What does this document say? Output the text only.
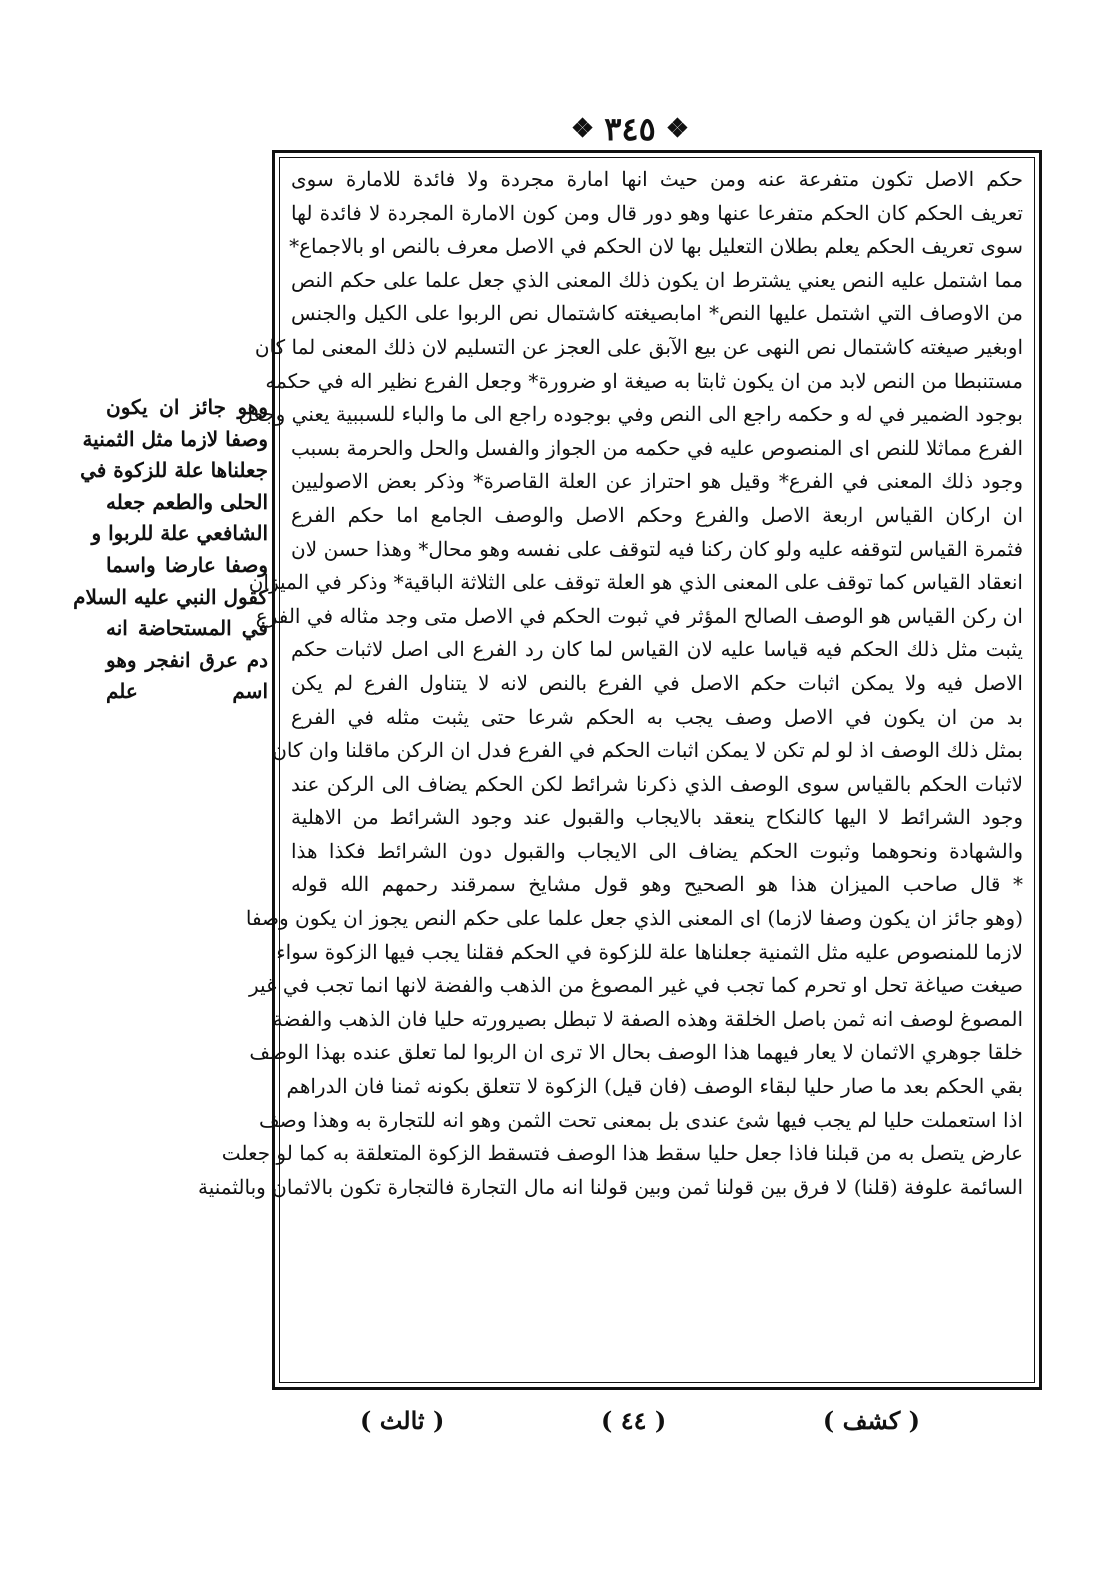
❖
٣٤٥
❖
وهو جائز ان يكون
وصفا لازما مثل الثمنية
جعلناها علة للزكوة في
الحلى والطعم جعله
الشافعي علة للربوا و
وصفا عارضا واسما
كقول النبي عليه السلام
في المستحاضة انه
دم عرق انفجر وهو
اسم علم
حكم الاصل تكون متفرعة عنه ومن حيث انها امارة مجردة ولا فائدة للامارة سوى
تعريف الحكم كان الحكم متفرعا عنها وهو دور قال ومن كون الامارة المجردة لا فائدة لها
سوى تعريف الحكم يعلم بطلان التعليل بها لان الحكم في الاصل معرف بالنص او بالاجماع*
مما اشتمل عليه النص يعني يشترط ان يكون ذلك المعنى الذي جعل علما على حكم النص
من الاوصاف التي اشتمل عليها النص* امابصيغته كاشتمال نص الربوا على الكيل والجنس
اوبغير صيغته كاشتمال نص النهى عن بيع الآبق على العجز عن التسليم لان ذلك المعنى لما كان
مستنبطا من النص لابد من ان يكون ثابتا به صيغة او ضرورة* وجعل الفرع نظير اله في حكمه
بوجود الضمير في له و حكمه راجع الى النص وفي بوجوده راجع الى ما والباء للسببية يعني وجعل
الفرع مماثلا للنص اى المنصوص عليه في حكمه من الجواز والفسل والحل والحرمة بسبب
وجود ذلك المعنى في الفرع* وقيل هو احتراز عن العلة القاصرة* وذكر بعض الاصوليين
ان اركان القياس اربعة الاصل والفرع وحكم الاصل والوصف الجامع اما حكم الفرع
فثمرة القياس لتوقفه عليه ولو كان ركنا فيه لتوقف على نفسه وهو محال* وهذا حسن لان
انعقاد القياس كما توقف على المعنى الذي هو العلة توقف على الثلاثة الباقية* وذكر في الميزان
ان ركن القياس هو الوصف الصالح المؤثر في ثبوت الحكم في الاصل متى وجد مثاله في الفرع
يثبت مثل ذلك الحكم فيه قياسا عليه لان القياس لما كان رد الفرع الى اصل لاثبات حكم
الاصل فيه ولا يمكن اثبات حكم الاصل في الفرع بالنص لانه لا يتناول الفرع لم يكن
بد من ان يكون في الاصل وصف يجب به الحكم شرعا حتى يثبت مثله في الفرع
بمثل ذلك الوصف اذ لو لم تكن لا يمكن اثبات الحكم في الفرع فدل ان الركن ماقلنا وان كان
لاثبات الحكم بالقياس سوى الوصف الذي ذكرنا شرائط لكن الحكم يضاف الى الركن عند
وجود الشرائط لا اليها كالنكاح ينعقد بالايجاب والقبول عند وجود الشرائط من الاهلية
والشهادة ونحوهما وثبوت الحكم يضاف الى الايجاب والقبول دون الشرائط فكذا هذا
* قال صاحب الميزان هذا هو الصحيح وهو قول مشايخ سمرقند رحمهم الله قوله
(وهو جائز ان يكون وصفا لازما) اى المعنى الذي جعل علما على حكم النص يجوز ان يكون وصفا
لازما للمنصوص عليه مثل الثمنية جعلناها علة للزكوة في الحكم فقلنا يجب فيها الزكوة سواء
صيغت صياغة تحل او تحرم كما تجب في غير المصوغ من الذهب والفضة لانها انما تجب في غير
المصوغ لوصف انه ثمن باصل الخلقة وهذه الصفة لا تبطل بصيرورته حليا فان الذهب والفضة
خلقا جوهري الاثمان لا يعار فيهما هذا الوصف بحال الا ترى ان الربوا لما تعلق عنده بهذا الوصف
بقي الحكم بعد ما صار حليا لبقاء الوصف (فان قيل) الزكوة لا تتعلق بكونه ثمنا فان الدراهم
اذا استعملت حليا لم يجب فيها شئ عندى بل بمعنى تحت الثمن وهو انه للتجارة به وهذا وصف
عارض يتصل به من قبلنا فاذا جعل حليا سقط هذا الوصف فتسقط الزكوة المتعلقة به كما لو جعلت
السائمة علوفة (قلنا) لا فرق بين قولنا ثمن وبين قولنا انه مال التجارة فالتجارة تكون بالاثمان وبالثمنية
( كشف )
( ٤٤ )
( ثالث )
